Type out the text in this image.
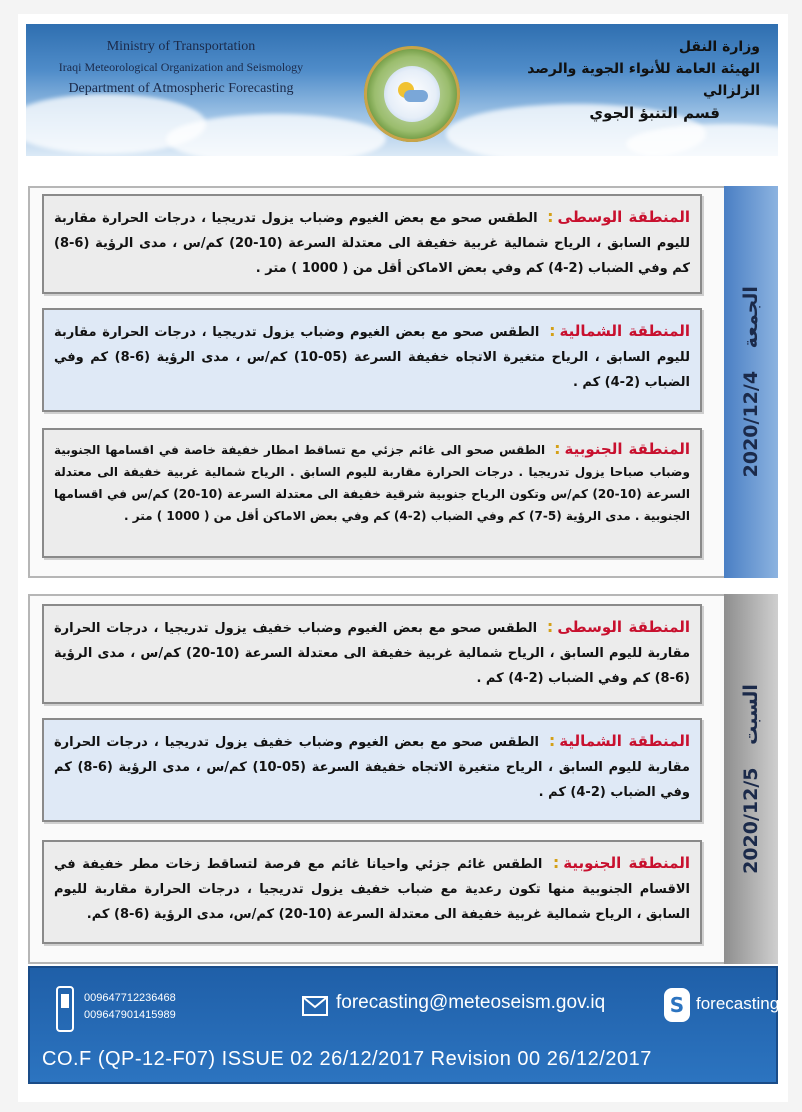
Ministry of Transportation
Iraqi Meteorological Organization and Seismology
Department of Atmospheric Forecasting
وزارة النقل
الهيئة العامة للأنواء الجوية والرصد الزلزالي
قسم التنبؤ الجوي
2020/12/4 الجمعة
المنطقة الوسطى: الطقس صحو مع بعض الغيوم وضباب يزول تدريجيا ، درجات الحرارة مقاربة لليوم السابق ، الرياح شمالية غربية خفيفة الى معتدلة السرعة (10-20) كم/س ، مدى الرؤية (6-8) كم وفي الضباب (2-4) كم وفي بعض الاماكن أقل من ( 1000 ) متر .
المنطقة الشمالية: الطقس صحو مع بعض الغيوم وضباب يزول تدريجيا ، درجات الحرارة مقاربة لليوم السابق ، الرياح متغيرة الاتجاه خفيفة السرعة (05-10) كم/س ، مدى الرؤية (6-8) كم وفي الضباب (2-4) كم .
المنطقة الجنوبية: الطقس صحو الى غائم جزئي مع تساقط امطار خفيفة خاصة في اقسامها الجنوبية وضباب صباحا يزول تدريجيا . درجات الحرارة مقاربة لليوم السابق . الرياح شمالية غربية خفيفة الى معتدلة السرعة (10-20) كم/س وتكون الرياح جنوبية شرقية خفيفة الى معتدلة السرعة (10-20) كم/س في اقسامها الجنوبية . مدى الرؤية (5-7) كم وفي الضباب (2-4) كم وفي بعض الاماكن أقل من ( 1000 ) متر .
2020/12/5 السبت
المنطقة الوسطى: الطقس صحو مع بعض الغيوم وضباب خفيف يزول تدريجيا ، درجات الحرارة مقاربة لليوم السابق ، الرياح شمالية غربية خفيفة الى معتدلة السرعة (10-20) كم/س ، مدى الرؤية (6-8) كم وفي الضباب (2-4) كم .
المنطقة الشمالية: الطقس صحو مع بعض الغيوم وضباب خفيف يزول تدريجيا ، درجات الحرارة مقاربة لليوم السابق ، الرياح متغيرة الاتجاه خفيفة السرعة (05-10) كم/س ، مدى الرؤية (6-8) كم وفي الضباب (2-4) كم .
المنطقة الجنوبية: الطقس غائم جزئي واحيانا غائم مع فرصة لتساقط زخات مطر خفيفة في الاقسام الجنوبية منها تكون رعدية مع ضباب خفيف يزول تدريجيا ، درجات الحرارة مقاربة لليوم السابق ، الرياح شمالية غربية خفيفة الى معتدلة السرعة (10-20) كم/س، مدى الرؤية (6-8) كم.
009647712236468
009647901415989
forecasting@meteoseism.gov.iq	S forecasting
CO.F (QP-12-F07) ISSUE 02 26/12/2017 Revision 00 26/12/2017
